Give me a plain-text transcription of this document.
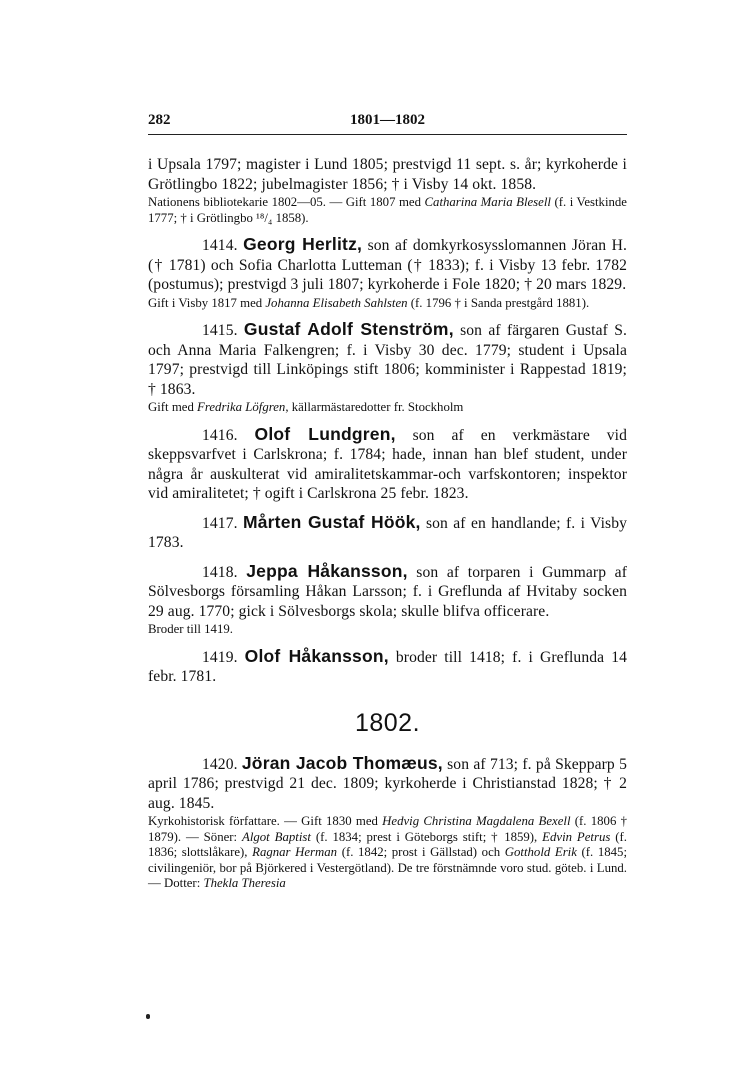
282	1801—1802

i Upsala 1797; magister i Lund 1805; prestvigd 11 sept. s. år; kyrkoherde i Grötlingbo 1822; jubelmagister 1856; † i Visby 14 okt. 1858.

Nationens bibliotekarie 1802—05. — Gift 1807 med Catharina Maria Blesell (f. i Vestkinde 1777; † i Grötlingbo ¹⁸/₄ 1858).

1414. Georg Herlitz, son af domkyrkosysslomannen Jöran H. († 1781) och Sofia Charlotta Lutteman († 1833); f. i Visby 13 febr. 1782 (postumus); prestvigd 3 juli 1807; kyrkoherde i Fole 1820; † 20 mars 1829.

Gift i Visby 1817 med Johanna Elisabeth Sahlsten (f. 1796 † i Sanda prestgård 1881).

1415. Gustaf Adolf Stenström, son af färgaren Gustaf S. och Anna Maria Falkengren; f. i Visby 30 dec. 1779; student i Upsala 1797; prestvigd till Linköpings stift 1806; komminister i Rappestad 1819; † 1863.

Gift med Fredrika Löfgren, källarmästaredotter fr. Stockholm

1416. Olof Lundgren, son af en verkmästare vid skeppsvarfvet i Carlskrona; f. 1784; hade, innan han blef student, under några år auskulterat vid amiralitetskammar-och varfskontoren; inspektor vid amiralitetet; † ogift i Carlskrona 25 febr. 1823.

1417. Mårten Gustaf Höök, son af en handlande; f. i Visby 1783.

1418. Jeppa Håkansson, son af torparen i Gummarp af Sölvesborgs församling Håkan Larsson; f. i Greflunda af Hvitaby socken 29 aug. 1770; gick i Sölvesborgs skola; skulle blifva officerare.

Broder till 1419.

1419. Olof Håkansson, broder till 1418; f. i Greflunda 14 febr. 1781.

1802.

1420. Jöran Jacob Thomæus, son af 713; f. på Skepparp 5 april 1786; prestvigd 21 dec. 1809; kyrkoherde i Christianstad 1828; † 2 aug. 1845.

Kyrkohistorisk författare. — Gift 1830 med Hedvig Christina Magdalena Bexell (f. 1806 † 1879). — Söner: Algot Baptist (f. 1834; prest i Göteborgs stift; † 1859), Edvin Petrus (f. 1836; slottslåkare), Ragnar Herman (f. 1842; prost i Gällstad) och Gotthold Erik (f. 1845; civilingeniör, bor på Björkered i Vestergötland). De tre förstnämnde voro stud. göteb. i Lund. — Dotter: Thekla Theresia
